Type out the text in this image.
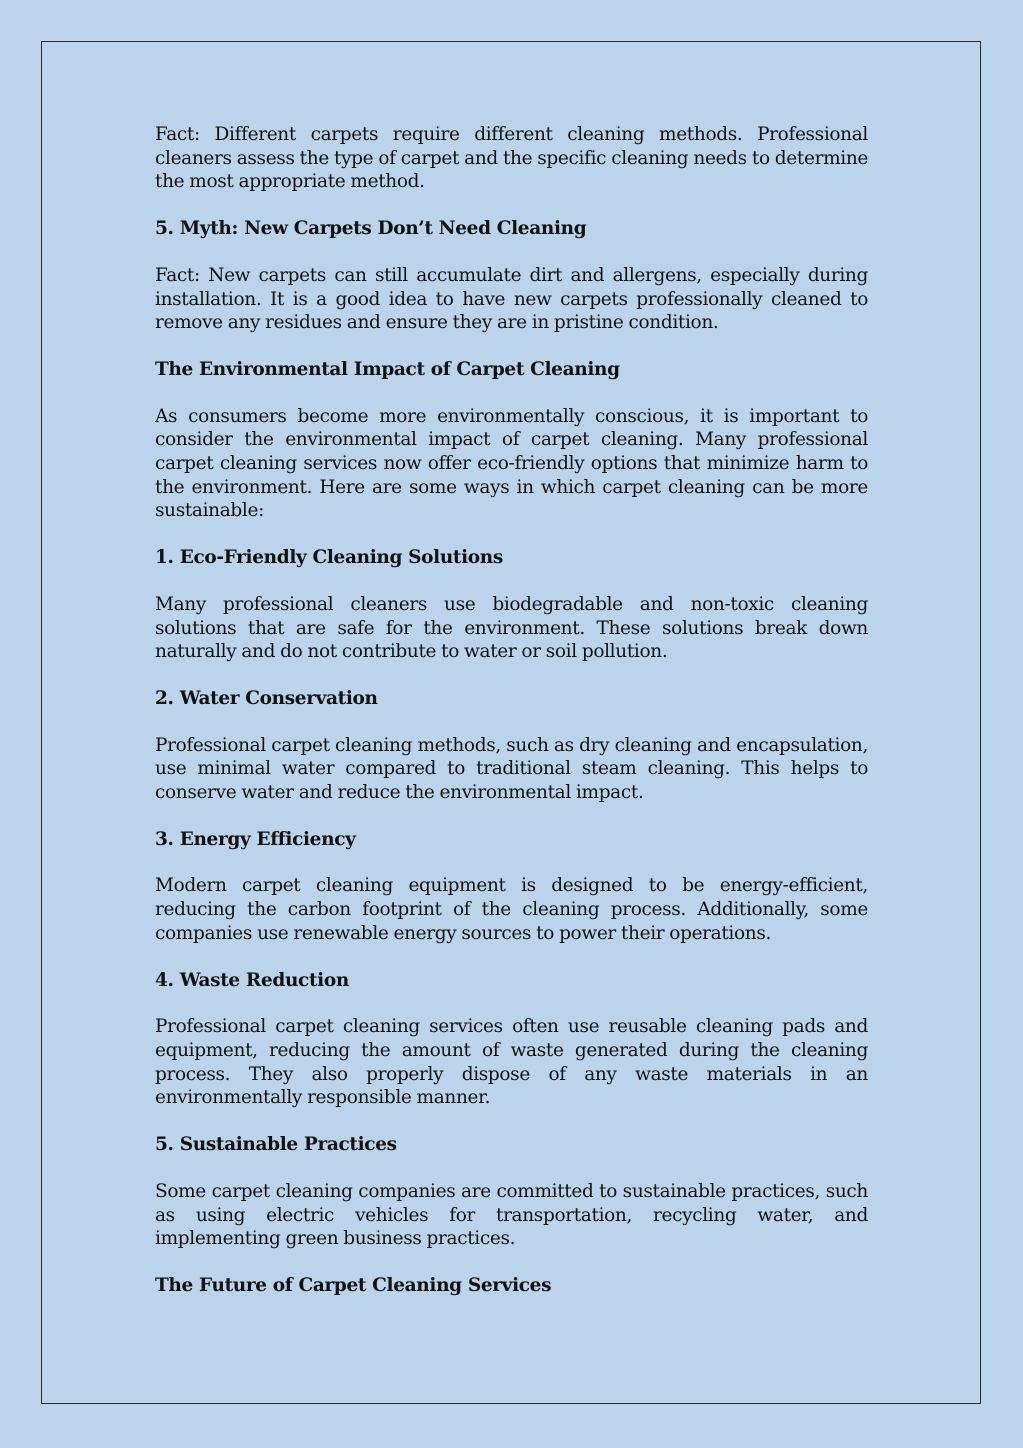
Fact: Different carpets require different cleaning methods. Professional cleaners assess the type of carpet and the specific cleaning needs to determine the most appropriate method.

5. Myth: New Carpets Don’t Need Cleaning

Fact: New carpets can still accumulate dirt and allergens, especially during installation. It is a good idea to have new carpets professionally cleaned to remove any residues and ensure they are in pristine condition.

The Environmental Impact of Carpet Cleaning

As consumers become more environmentally conscious, it is important to consider the environmental impact of carpet cleaning. Many professional carpet cleaning services now offer eco-friendly options that minimize harm to the environment. Here are some ways in which carpet cleaning can be more sustainable:

1. Eco-Friendly Cleaning Solutions

Many professional cleaners use biodegradable and non-toxic cleaning solutions that are safe for the environment. These solutions break down naturally and do not contribute to water or soil pollution.

2. Water Conservation

Professional carpet cleaning methods, such as dry cleaning and encapsulation, use minimal water compared to traditional steam cleaning. This helps to conserve water and reduce the environmental impact.

3. Energy Efficiency

Modern carpet cleaning equipment is designed to be energy-efficient, reducing the carbon footprint of the cleaning process. Additionally, some companies use renewable energy sources to power their operations.

4. Waste Reduction

Professional carpet cleaning services often use reusable cleaning pads and equipment, reducing the amount of waste generated during the cleaning process. They also properly dispose of any waste materials in an environmentally responsible manner.

5. Sustainable Practices

Some carpet cleaning companies are committed to sustainable practices, such as using electric vehicles for transportation, recycling water, and implementing green business practices.

The Future of Carpet Cleaning Services
